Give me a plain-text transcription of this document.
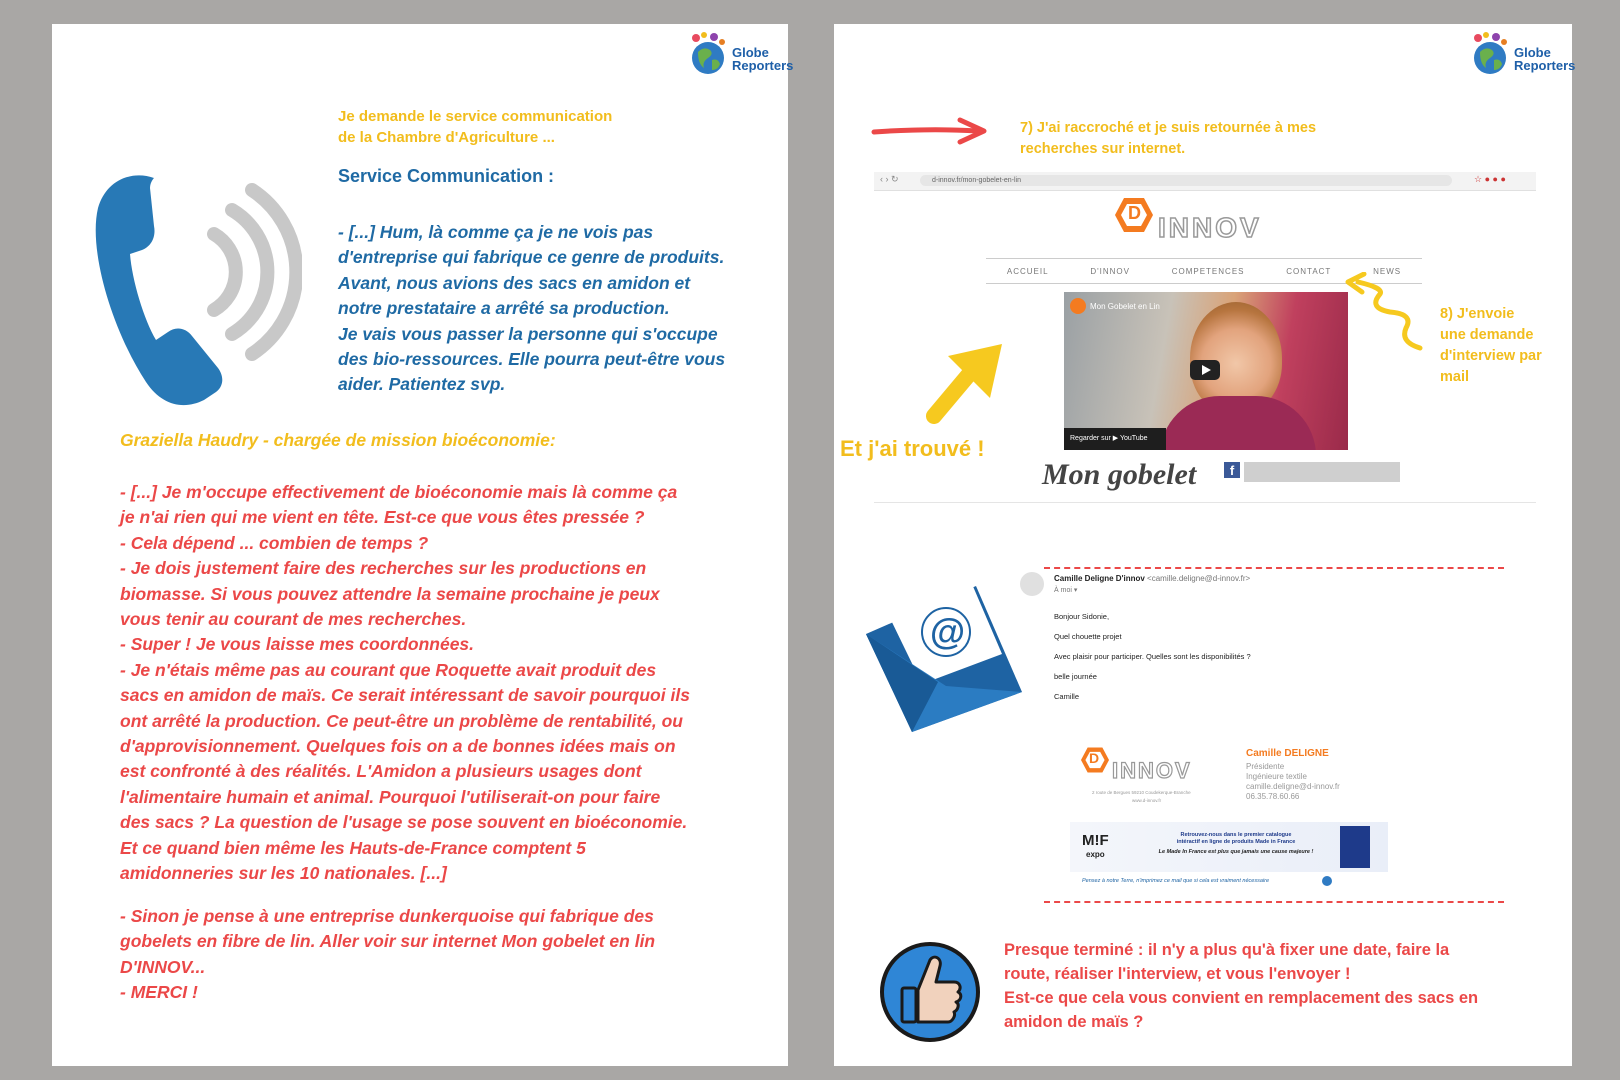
Globe
Reporters
Je demande le service communication
de la Chambre d'Agriculture ...
Service Communication :
- [...] Hum, là comme ça je ne vois pas
d'entreprise qui fabrique ce genre de produits.
Avant, nous avions des sacs en amidon et
notre prestataire a arrêté sa production.
Je vais vous passer la personne qui s'occupe
des bio-ressources. Elle pourra peut-être vous
aider. Patientez svp.
Graziella Haudry - chargée de mission bioéconomie:
- [...] Je m'occupe effectivement de bioéconomie mais là comme ça
je n'ai rien qui me vient en tête. Est-ce que vous êtes pressée ?
- Cela dépend ... combien de temps ?
- Je dois justement faire des recherches sur les productions en
biomasse. Si vous pouvez attendre la semaine prochaine je peux
vous tenir au courant de mes recherches.
- Super ! Je vous laisse mes coordonnées.
- Je n'étais même pas au courant que Roquette avait produit des
sacs en amidon de maïs. Ce serait intéressant de savoir pourquoi ils
ont arrêté la production. Ce peut-être un problème de rentabilité, ou
d'approvisionnement. Quelques fois on a de bonnes idées mais on
est confronté à des réalités. L'Amidon a plusieurs usages dont
l'alimentaire humain et animal. Pourquoi l'utiliserait-on pour faire
des sacs ? La question de l'usage se pose souvent en bioéconomie.
Et ce quand bien même les Hauts-de-France comptent 5
amidonneries sur les 10 nationales. [...]
- Sinon je pense à une entreprise dunkerquoise qui fabrique des
gobelets en fibre de lin. Aller voir sur internet Mon gobelet en lin
D'INNOV...
- MERCI !
Globe
Reporters
7) J'ai raccroché et je suis retournée à mes
recherches sur internet.
‹ › ↻	d-innov.fr/mon-gobelet-en-lin	☆ ● ● ●
D INNOV
ACCUEIL	D'INNOV	COMPETENCES	CONTACT	NEWS
Mon Gobelet en Lin
Regarder sur ▶ YouTube
Mon gobelet	f
8) J'envoie
une demande
d'interview par
mail
Et j'ai trouvé !
@
Camille Deligne D'innov <camille.deligne@d-innov.fr>
À moi ▾
Bonjour Sidonie,
Quel chouette projet
Avec plaisir pour participer. Quelles sont les disponibilités ?
belle journée
Camille
D INNOV
2 route de Bergues 59210 Coudekerque-Branche
www.d-innov.fr
Camille DELIGNE
Présidente
Ingénieure textile
camille.deligne@d-innov.fr
06.35.78.60.66
M!F
expo
Retrouvez-nous dans le premier catalogue
intéractif en ligne de produits Made in France
Le Made In France est plus que jamais une cause majeure !
Pensez à notre Terre, n'imprimez ce mail que si cela est vraiment nécessaire
Presque terminé : il n'y a plus qu'à fixer une date, faire la
route, réaliser l'interview, et vous l'envoyer !
Est-ce que cela vous convient en remplacement des sacs en
amidon de maïs ?
